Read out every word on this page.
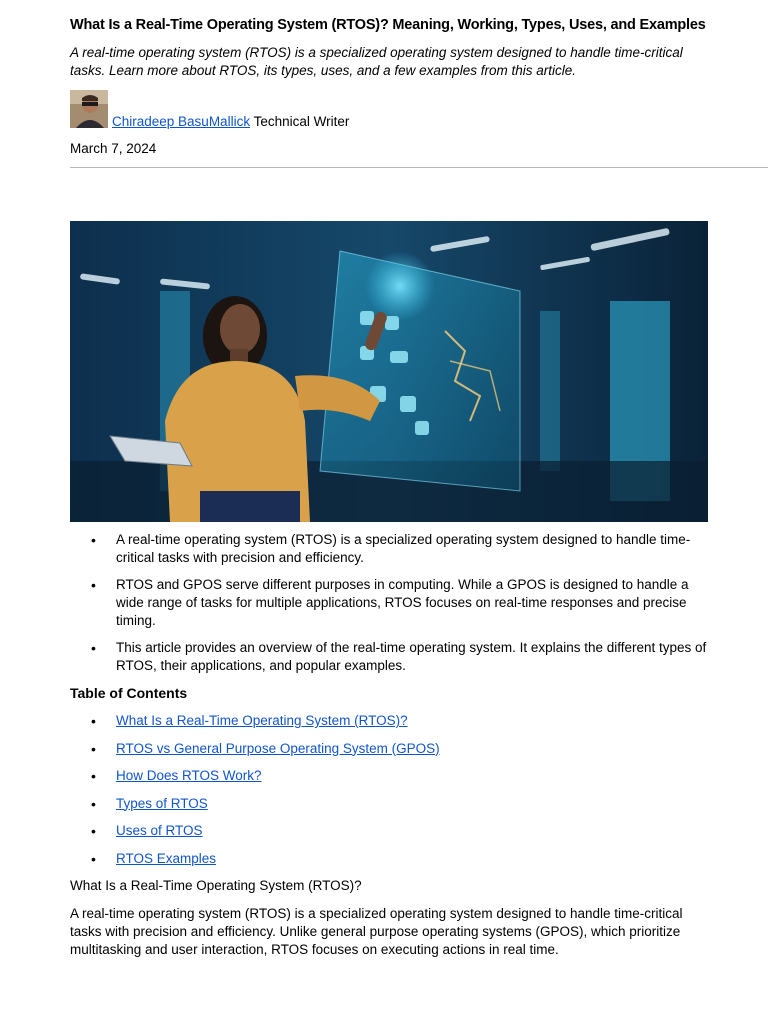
What Is a Real-Time Operating System (RTOS)? Meaning, Working, Types, Uses, and Examples

A real-time operating system (RTOS) is a specialized operating system designed to handle time-critical tasks. Learn more about RTOS, its types, uses, and a few examples from this article.

Chiradeep BasuMallick Technical Writer
March 7, 2024
• A real-time operating system (RTOS) is a specialized operating system designed to handle time-critical tasks with precision and efficiency.
• RTOS and GPOS serve different purposes in computing. While a GPOS is designed to handle a wide range of tasks for multiple applications, RTOS focuses on real-time responses and precise timing.
• This article provides an overview of the real-time operating system. It explains the different types of RTOS, their applications, and popular examples.
Table of Contents
• What Is a Real-Time Operating System (RTOS)?
• RTOS vs General Purpose Operating System (GPOS)
• How Does RTOS Work?
• Types of RTOS
• Uses of RTOS
• RTOS Examples
What Is a Real-Time Operating System (RTOS)?

A real-time operating system (RTOS) is a specialized operating system designed to handle time-critical tasks with precision and efficiency. Unlike general purpose operating systems (GPOS), which prioritize multitasking and user interaction, RTOS focuses on executing actions in real time.
